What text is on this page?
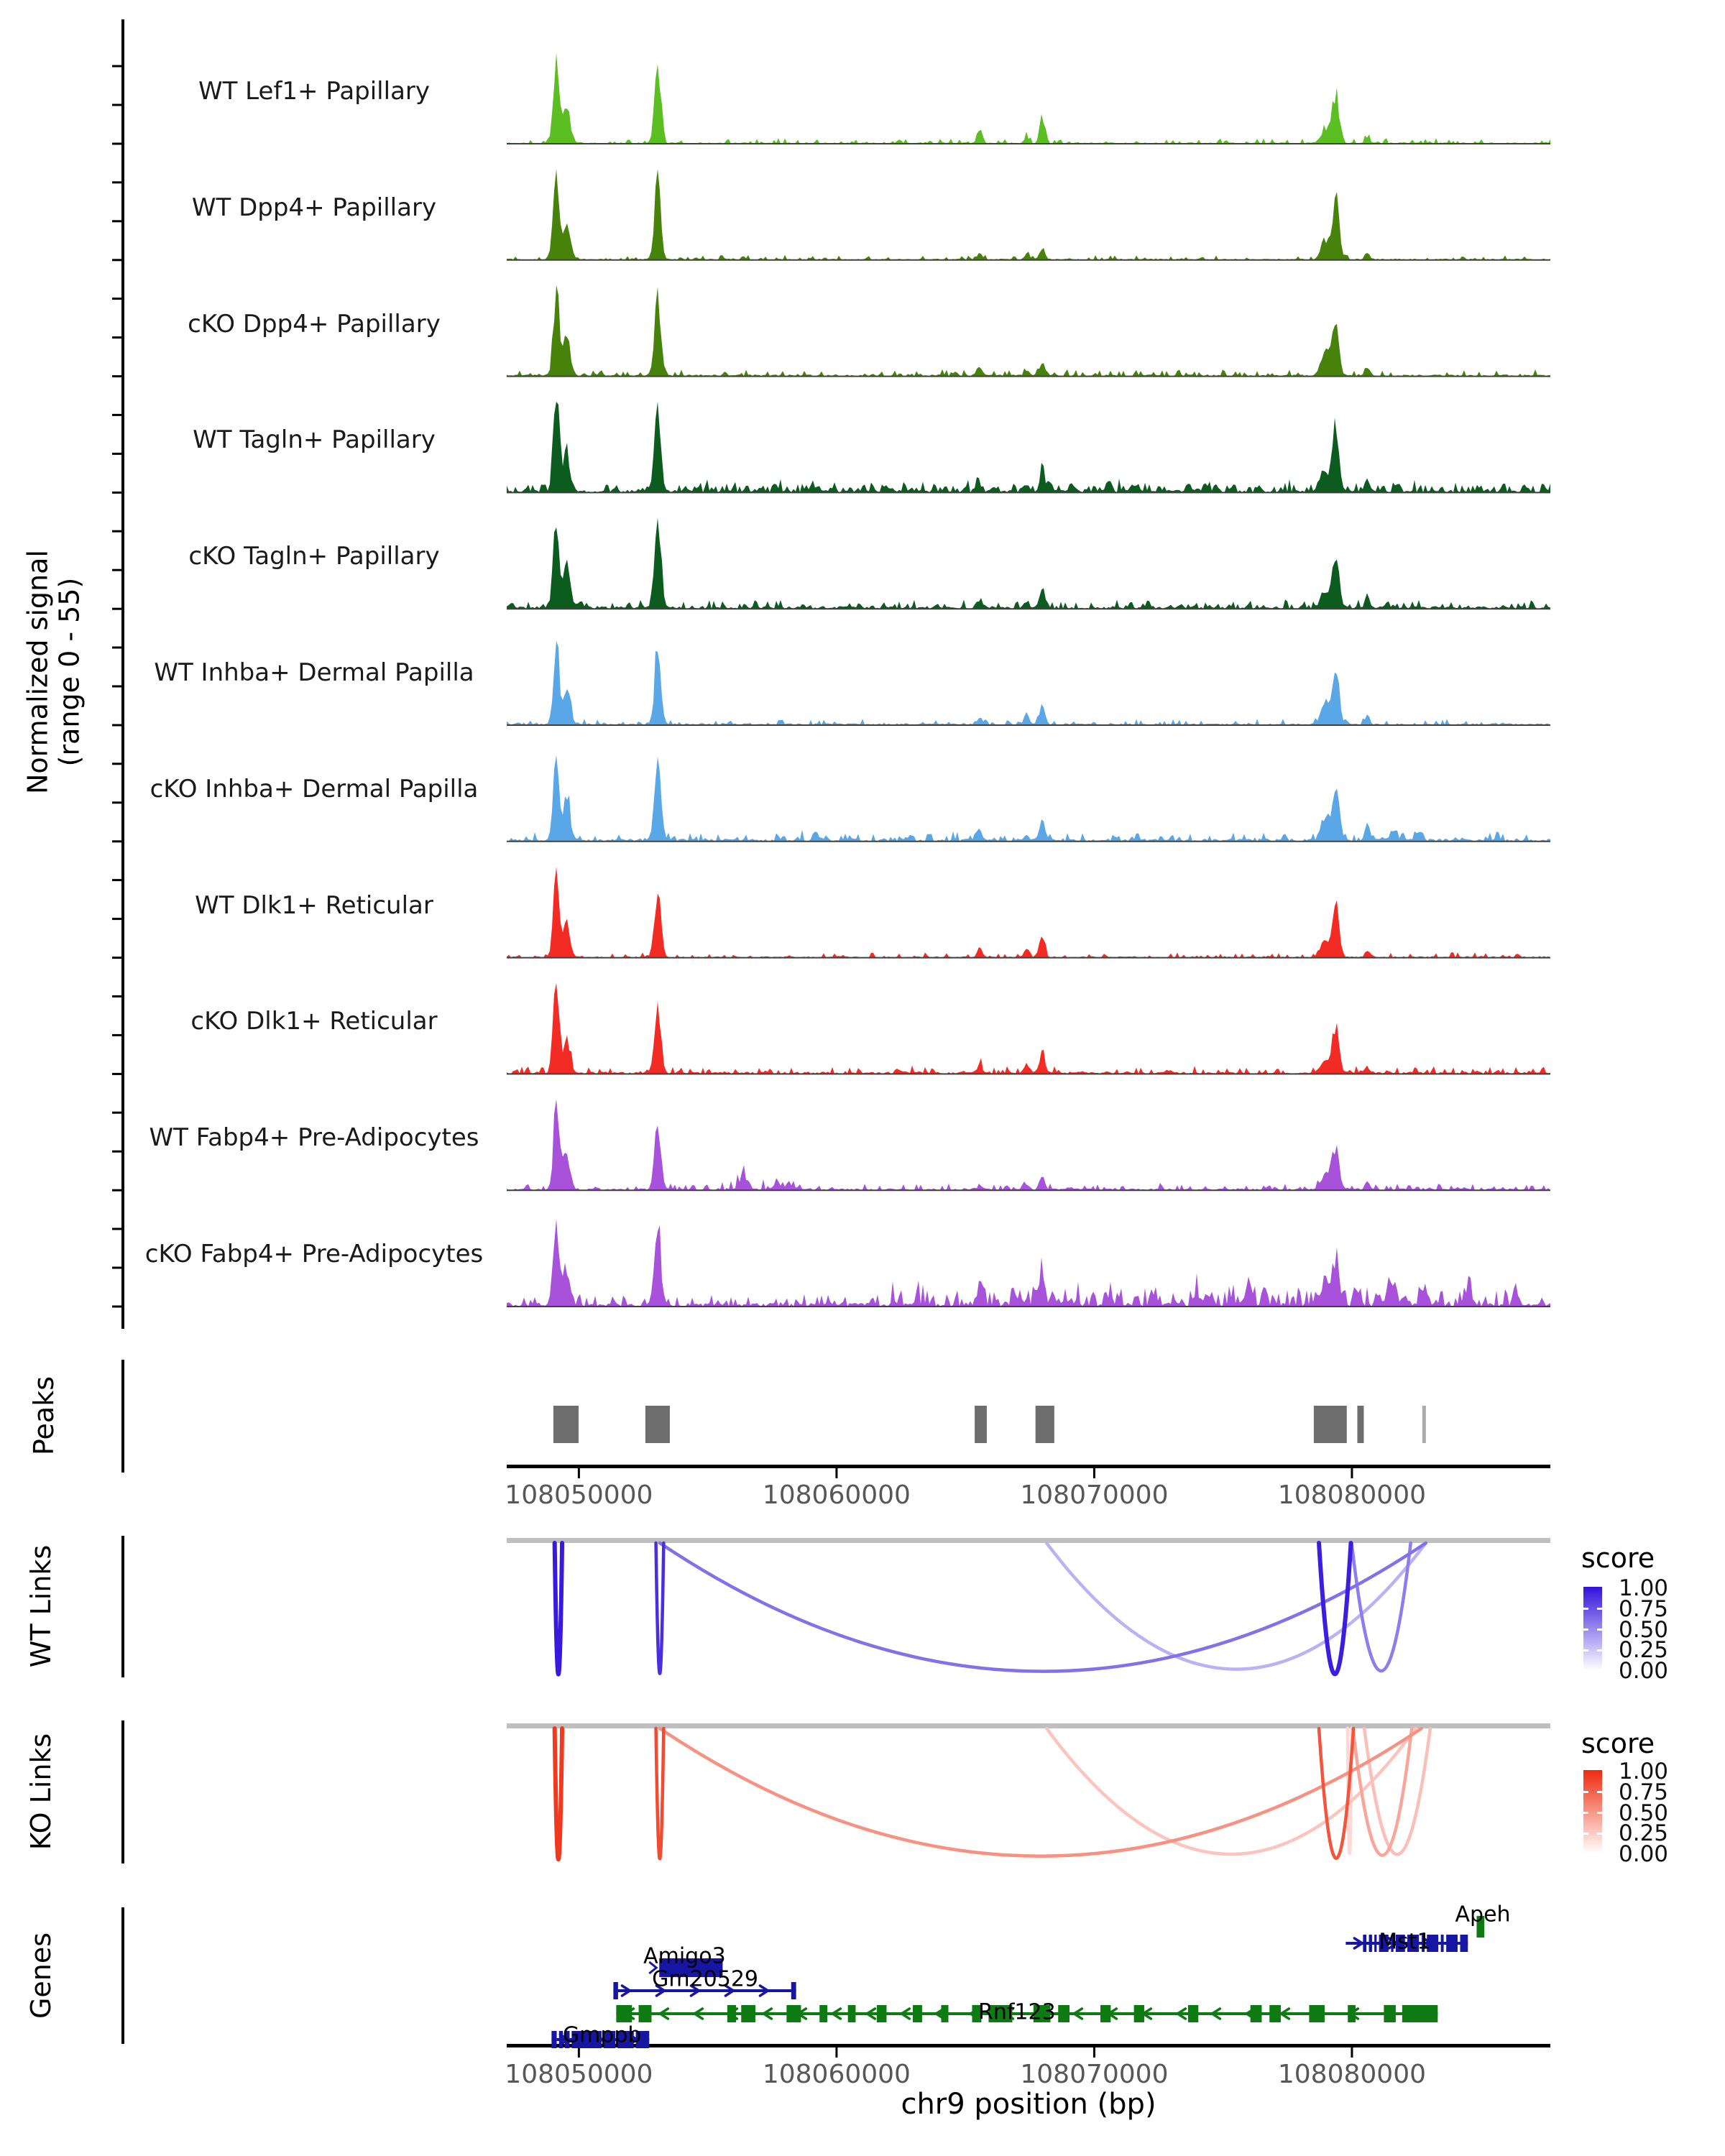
Normalized signal
(range 0 - 55)
Peaks
WT Links
KO Links
Genes
WT Lef1+ Papillary
WT Dpp4+ Papillary
cKO Dpp4+ Papillary
WT Tagln+ Papillary
cKO Tagln+ Papillary
WT Inhba+ Dermal Papilla
cKO Inhba+ Dermal Papilla
WT Dlk1+ Reticular
cKO Dlk1+ Reticular
WT Fabp4+ Pre-Adipocytes
cKO Fabp4+ Pre-Adipocytes
108050000	108060000	108070000	108080000
108050000	108060000	108070000	108080000
1.00
0.75
0.50
0.25
0.00
1.00
0.75
0.50
0.25
0.00
Apeh
Mst1
Amigo3
Gm20529
Rnf123
Gmppb
score
score
chr9 position (bp)
